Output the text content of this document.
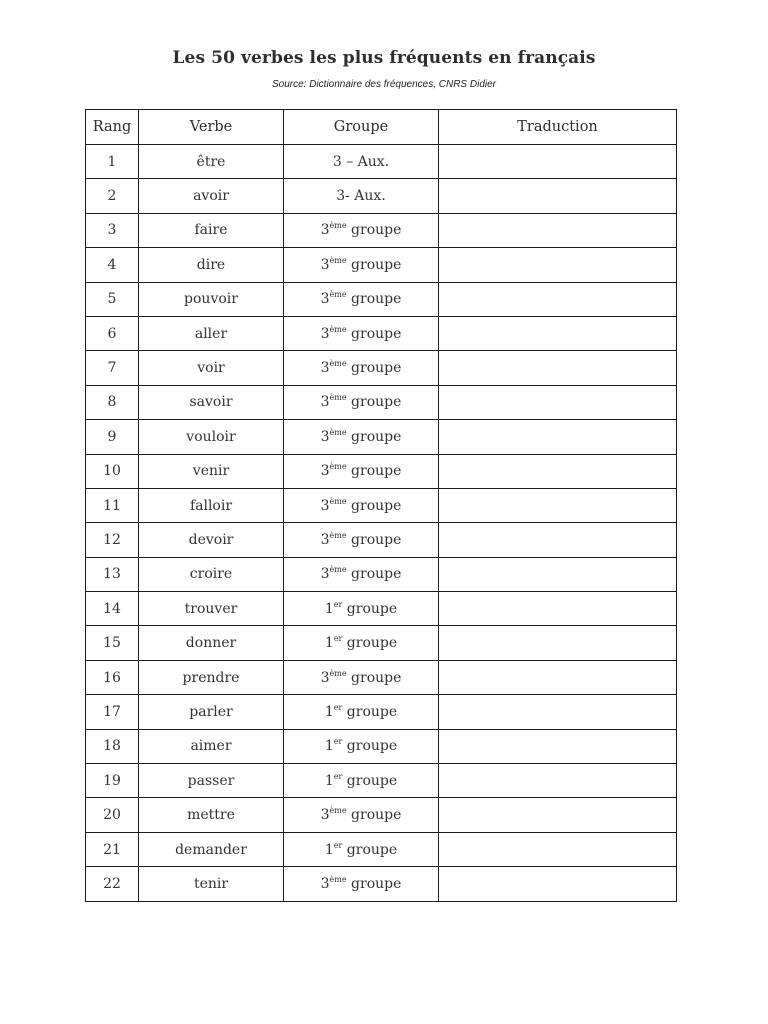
Les 50 verbes les plus fréquents en français
Source: Dictionnaire des fréquences, CNRS Didier
Rang	Verbe	Groupe	Traduction
1	être	3 – Aux.	
2	avoir	3- Aux.	
3	faire	3ème groupe	
4	dire	3ème groupe	
5	pouvoir	3ème groupe	
6	aller	3ème groupe	
7	voir	3ème groupe	
8	savoir	3ème groupe	
9	vouloir	3ème groupe	
10	venir	3ème groupe	
11	falloir	3ème groupe	
12	devoir	3ème groupe	
13	croire	3ème groupe	
14	trouver	1er groupe	
15	donner	1er groupe	
16	prendre	3ème groupe	
17	parler	1er groupe	
18	aimer	1er groupe	
19	passer	1er groupe	
20	mettre	3ème groupe	
21	demander	1er groupe	
22	tenir	3ème groupe	
